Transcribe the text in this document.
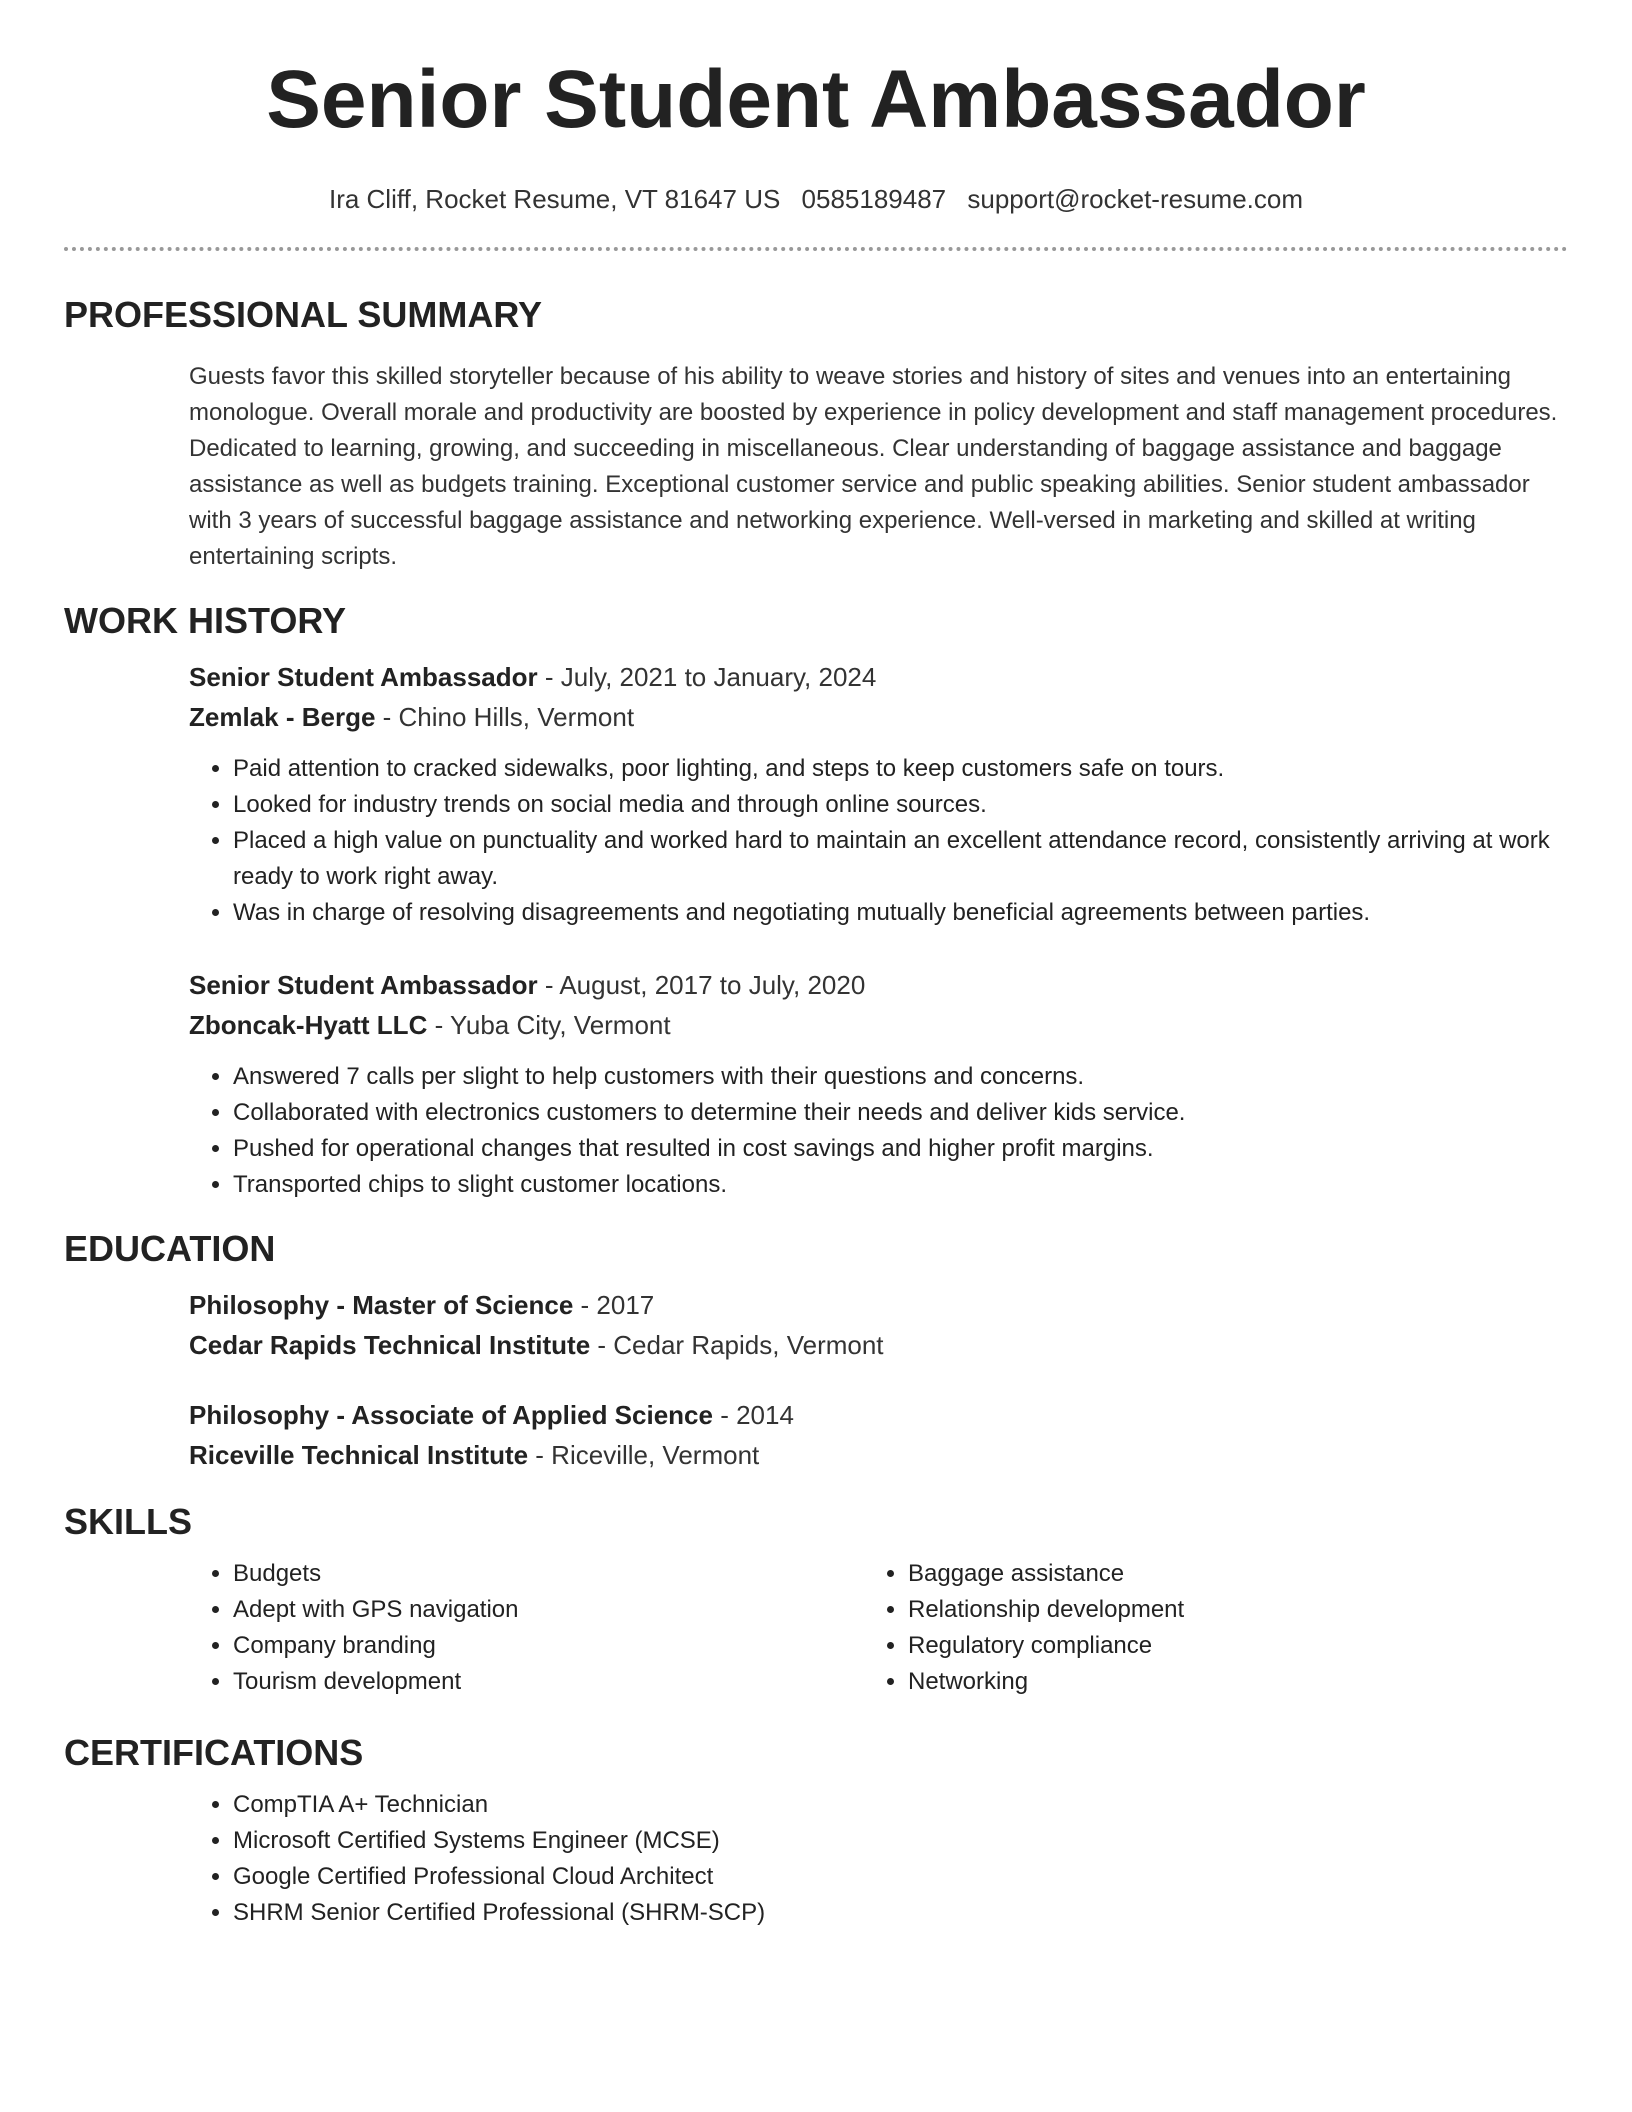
Senior Student Ambassador
Ira Cliff, Rocket Resume, VT 81647 US 0585189487 support@rocket-resume.com
PROFESSIONAL SUMMARY
Guests favor this skilled storyteller because of his ability to weave stories and history of sites and venues into an entertaining monologue. Overall morale and productivity are boosted by experience in policy development and staff management procedures. Dedicated to learning, growing, and succeeding in miscellaneous. Clear understanding of baggage assistance and baggage assistance as well as budgets training. Exceptional customer service and public speaking abilities. Senior student ambassador with 3 years of successful baggage assistance and networking experience. Well-versed in marketing and skilled at writing entertaining scripts.
WORK HISTORY
Senior Student Ambassador - July, 2021 to January, 2024
Zemlak - Berge - Chino Hills, Vermont
• Paid attention to cracked sidewalks, poor lighting, and steps to keep customers safe on tours.
• Looked for industry trends on social media and through online sources.
• Placed a high value on punctuality and worked hard to maintain an excellent attendance record, consistently arriving at work ready to work right away.
• Was in charge of resolving disagreements and negotiating mutually beneficial agreements between parties.
Senior Student Ambassador - August, 2017 to July, 2020
Zboncak-Hyatt LLC - Yuba City, Vermont
• Answered 7 calls per slight to help customers with their questions and concerns.
• Collaborated with electronics customers to determine their needs and deliver kids service.
• Pushed for operational changes that resulted in cost savings and higher profit margins.
• Transported chips to slight customer locations.
EDUCATION
Philosophy - Master of Science - 2017
Cedar Rapids Technical Institute - Cedar Rapids, Vermont
Philosophy - Associate of Applied Science - 2014
Riceville Technical Institute - Riceville, Vermont
SKILLS
• Budgets
• Adept with GPS navigation
• Company branding
• Tourism development
• Baggage assistance
• Relationship development
• Regulatory compliance
• Networking
CERTIFICATIONS
• CompTIA A+ Technician
• Microsoft Certified Systems Engineer (MCSE)
• Google Certified Professional Cloud Architect
• SHRM Senior Certified Professional (SHRM-SCP)
